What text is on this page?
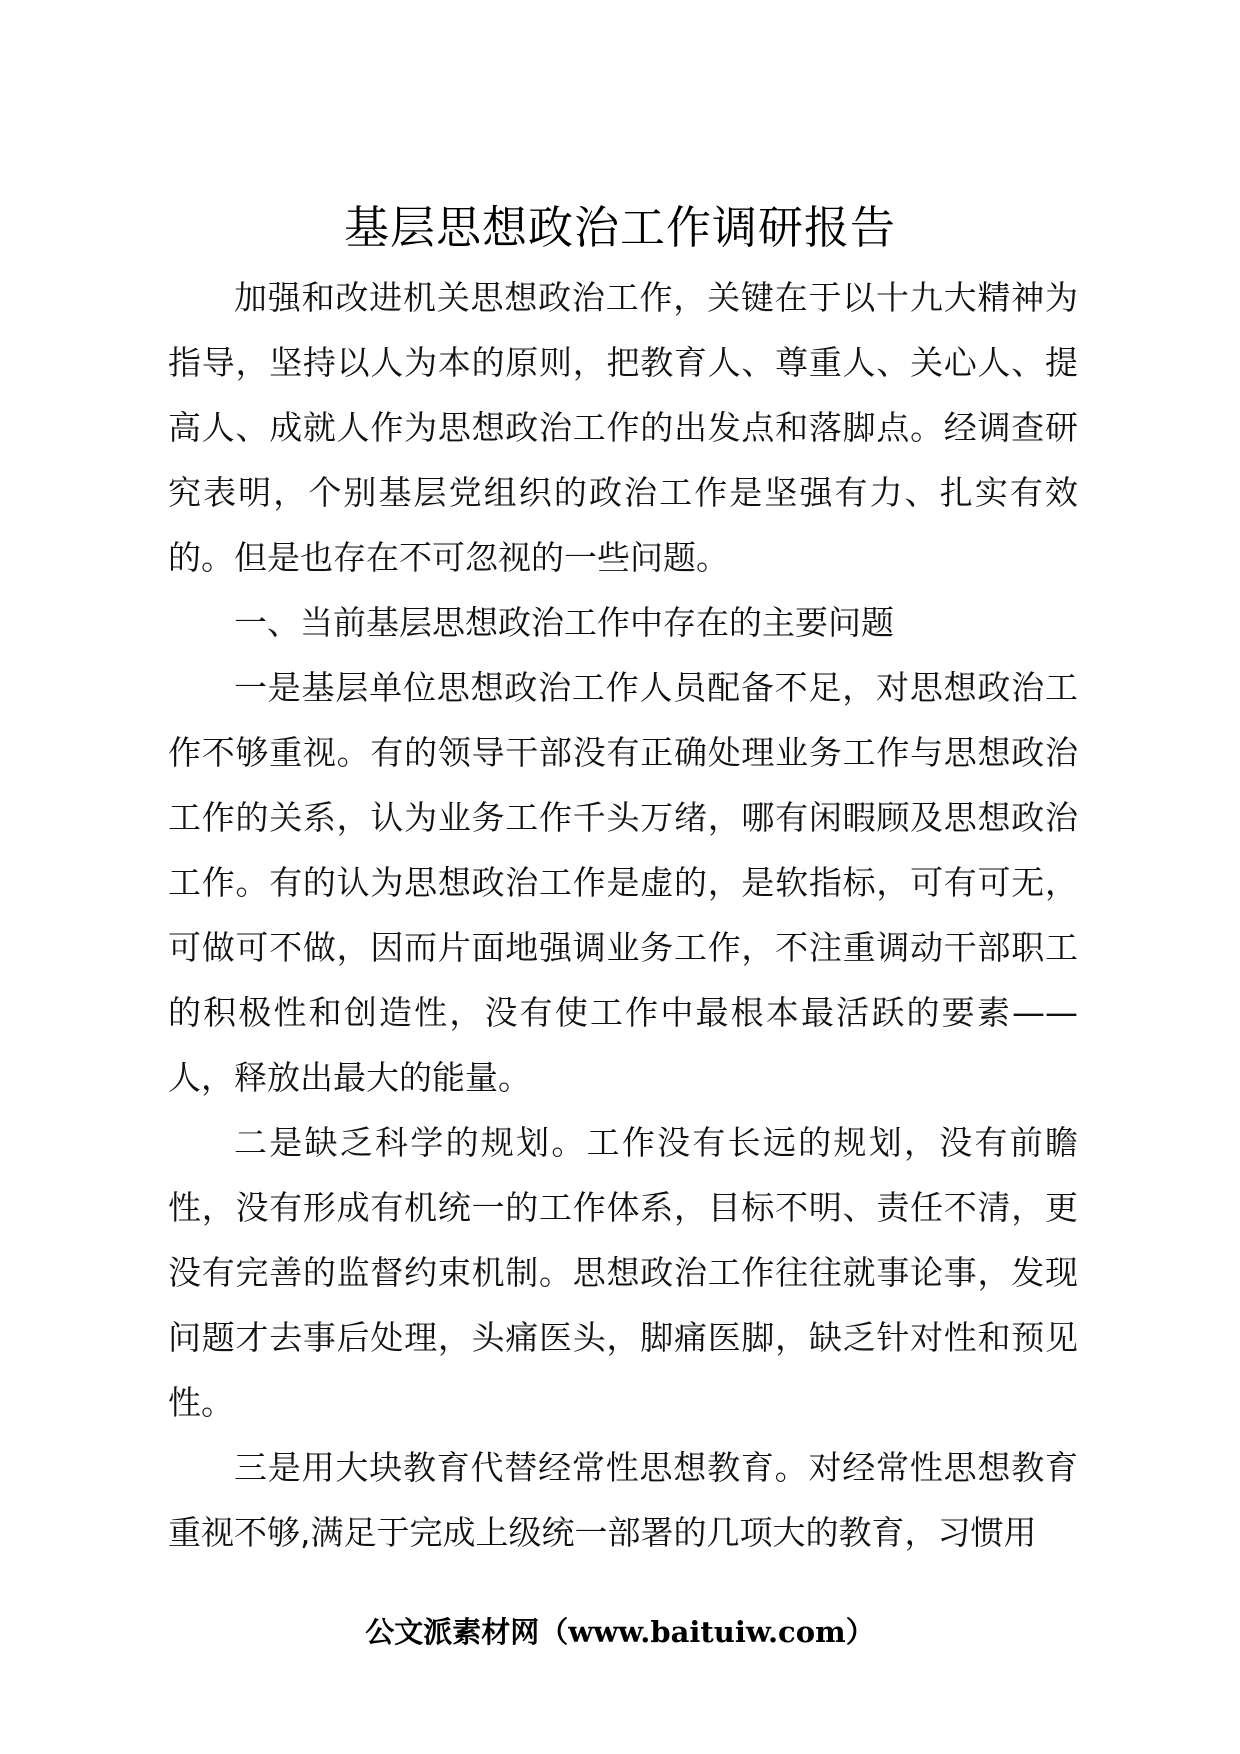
基层思想政治工作调研报告

加强和改进机关思想政治工作，关键在于以十九大精神为指导，坚持以人为本的原则，把教育人、尊重人、关心人、提高人、成就人作为思想政治工作的出发点和落脚点。经调查研究表明，个别基层党组织的政治工作是坚强有力、扎实有效的。但是也存在不可忽视的一些问题。

一、当前基层思想政治工作中存在的主要问题

一是基层单位思想政治工作人员配备不足，对思想政治工作不够重视。有的领导干部没有正确处理业务工作与思想政治工作的关系，认为业务工作千头万绪，哪有闲暇顾及思想政治工作。有的认为思想政治工作是虚的，是软指标，可有可无，可做可不做，因而片面地强调业务工作，不注重调动干部职工的积极性和创造性，没有使工作中最根本最活跃的要素——人，释放出最大的能量。

二是缺乏科学的规划。工作没有长远的规划，没有前瞻性，没有形成有机统一的工作体系，目标不明、责任不清，更没有完善的监督约束机制。思想政治工作往往就事论事，发现问题才去事后处理，头痛医头，脚痛医脚，缺乏针对性和预见性。

三是用大块教育代替经常性思想教育。对经常性思想教育重视不够,满足于完成上级统一部署的几项大的教育，习惯用

公文派素材网（www.baituiw.com）
